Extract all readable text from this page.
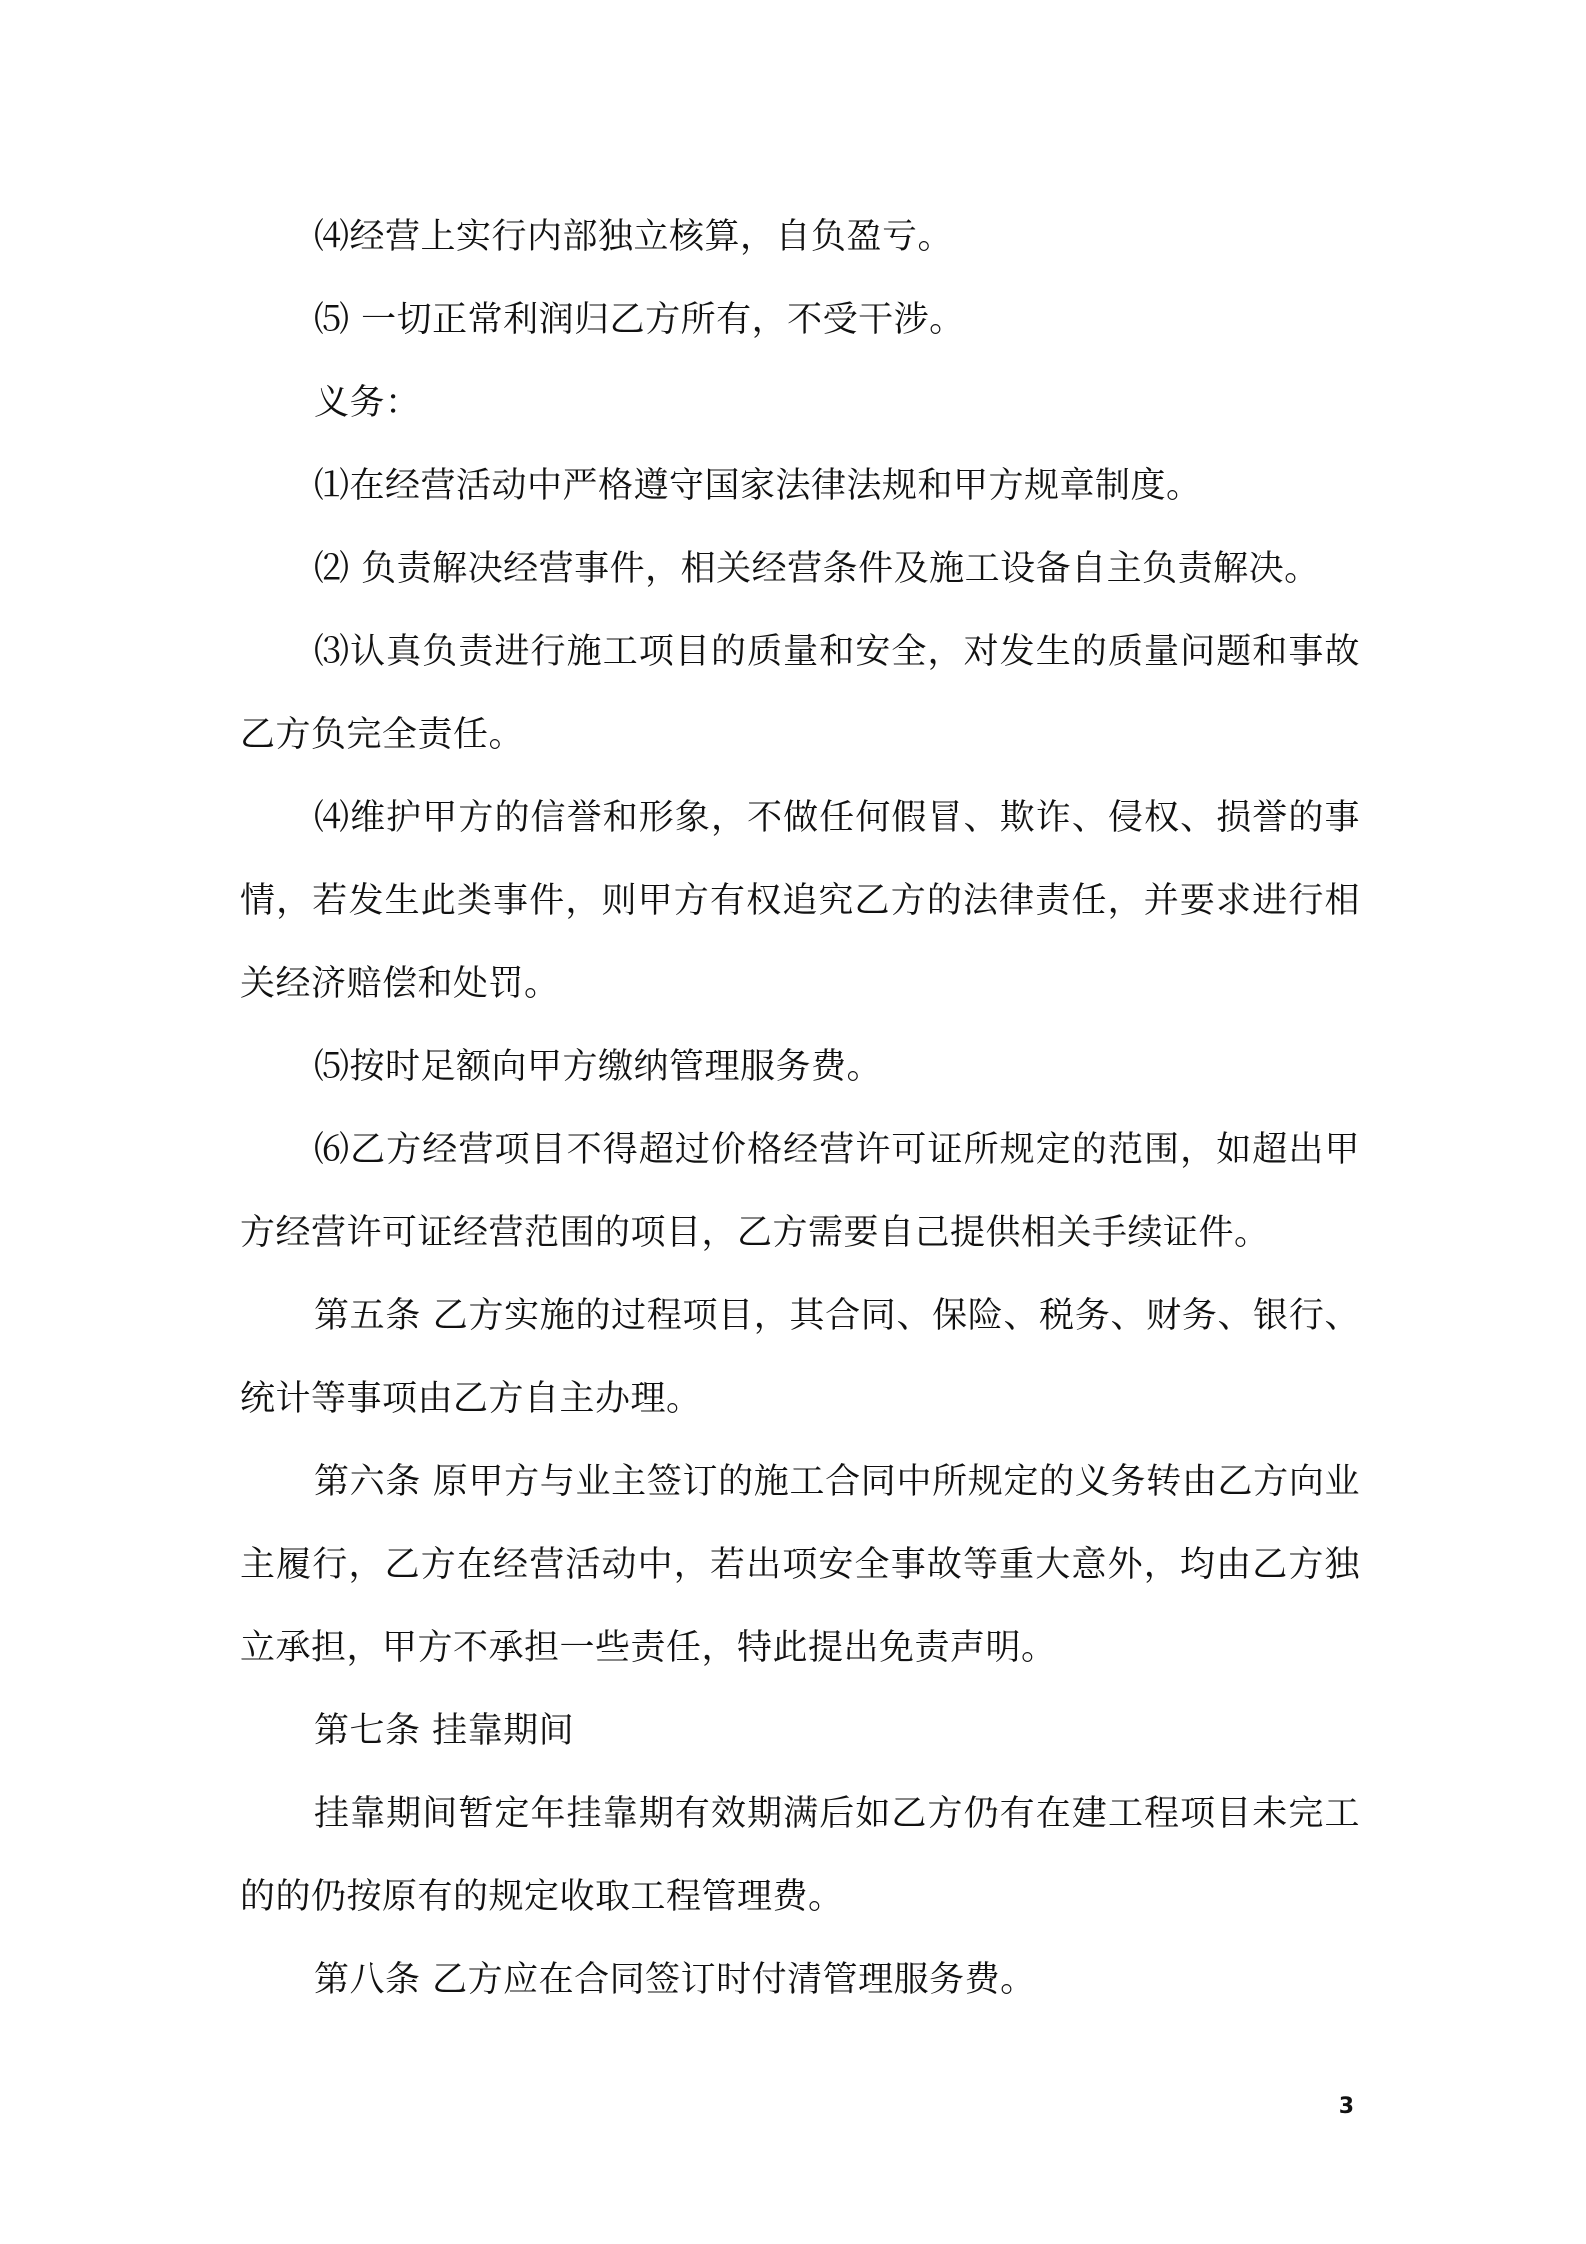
⑷经营上实行内部独立核算，自负盈亏。

⑸ 一切正常利润归乙方所有，不受干涉。

义务：

⑴在经营活动中严格遵守国家法律法规和甲方规章制度。

⑵ 负责解决经营事件，相关经营条件及施工设备自主负责解决。

⑶认真负责进行施工项目的质量和安全，对发生的质量问题和事故乙方负完全责任。

⑷维护甲方的信誉和形象，不做任何假冒、欺诈、侵权、损誉的事情，若发生此类事件，则甲方有权追究乙方的法律责任，并要求进行相关经济赔偿和处罚。

⑸按时足额向甲方缴纳管理服务费。

⑹乙方经营项目不得超过价格经营许可证所规定的范围，如超出甲方经营许可证经营范围的项目，乙方需要自己提供相关手续证件。

第五条 乙方实施的过程项目，其合同、保险、税务、财务、银行、统计等事项由乙方自主办理。

第六条 原甲方与业主签订的施工合同中所规定的义务转由乙方向业主履行，乙方在经营活动中，若出项安全事故等重大意外，均由乙方独立承担，甲方不承担一些责任，特此提出免责声明。

第七条 挂靠期间

挂靠期间暂定年挂靠期有效期满后如乙方仍有在建工程项目未完工的的仍按原有的规定收取工程管理费。

第八条 乙方应在合同签订时付清管理服务费。

3
